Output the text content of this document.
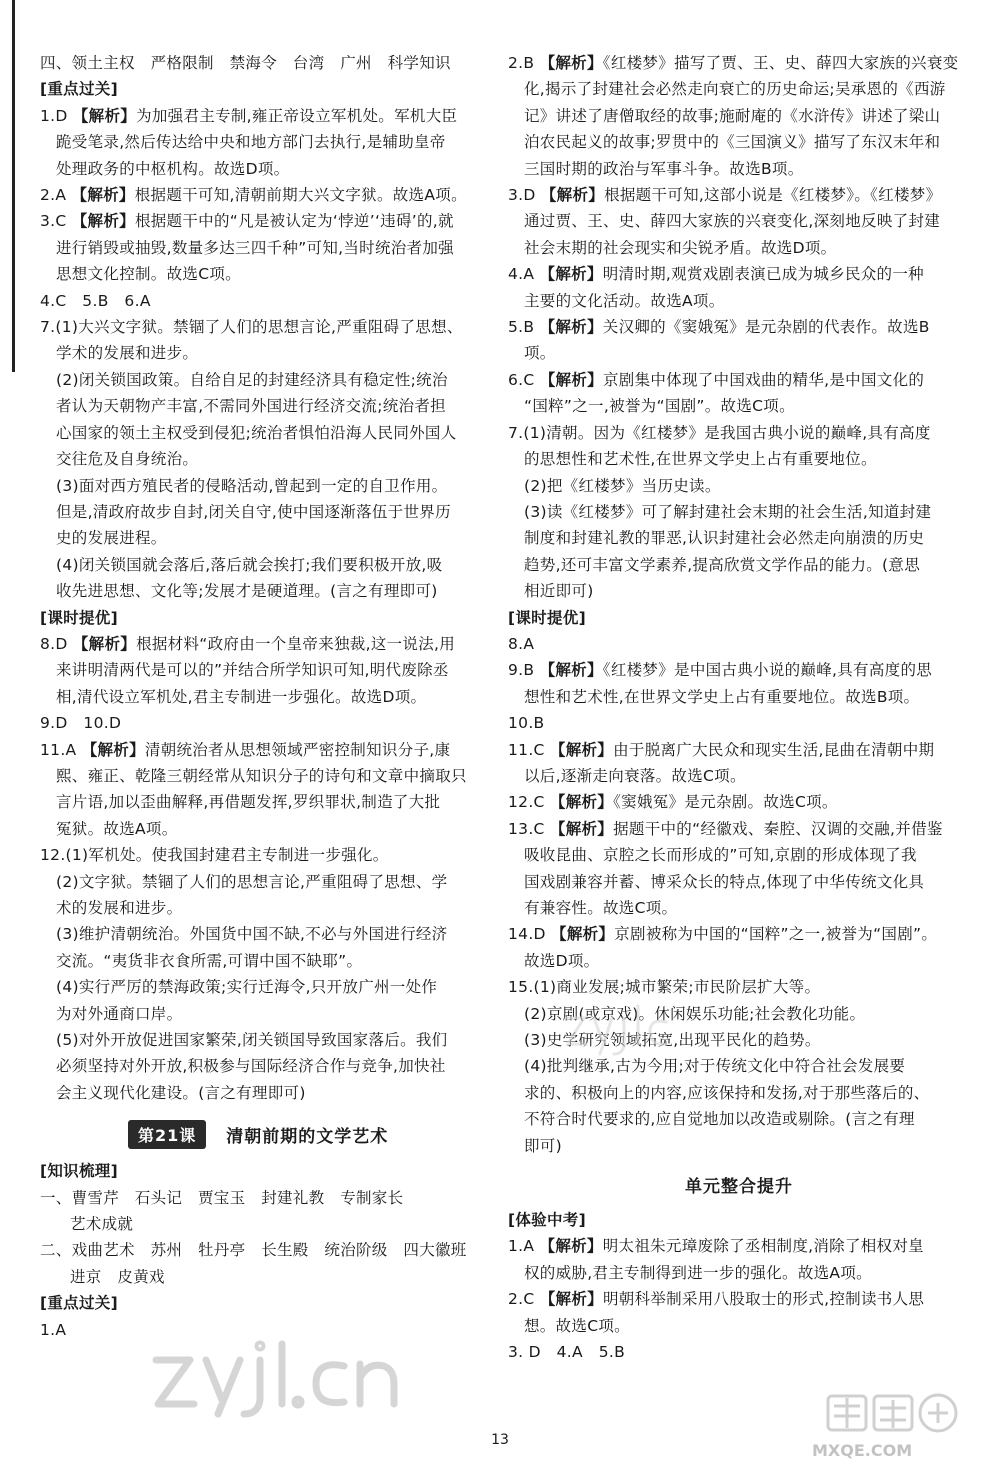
四、领土主权　严格限制　禁海令　台湾　广州　科学知识
[重点过关]
1.D 【解析】为加强君主专制,雍正帝设立军机处。军机大臣
跪受笔录,然后传达给中央和地方部门去执行,是辅助皇帝
处理政务的中枢机构。故选D项。
2.A 【解析】根据题干可知,清朝前期大兴文字狱。故选A项。
3.C 【解析】根据题干中的“凡是被认定为‘悖逆’‘违碍’的,就
进行销毁或抽毁,数量多达三四千种”可知,当时统治者加强
思想文化控制。故选C项。
4.C　5.B　6.A
7.(1)大兴文字狱。禁锢了人们的思想言论,严重阻碍了思想、
学术的发展和进步。
(2)闭关锁国政策。自给自足的封建经济具有稳定性;统治
者认为天朝物产丰富,不需同外国进行经济交流;统治者担
心国家的领土主权受到侵犯;统治者惧怕沿海人民同外国人
交往危及自身统治。
(3)面对西方殖民者的侵略活动,曾起到一定的自卫作用。
但是,清政府故步自封,闭关自守,使中国逐渐落伍于世界历
史的发展进程。
(4)闭关锁国就会落后,落后就会挨打;我们要积极开放,吸
收先进思想、文化等;发展才是硬道理。(言之有理即可)
[课时提优]
8.D 【解析】根据材料“政府由一个皇帝来独裁,这一说法,用
来讲明清两代是可以的”并结合所学知识可知,明代废除丞
相,清代设立军机处,君主专制进一步强化。故选D项。
9.D　10.D
11.A 【解析】清朝统治者从思想领域严密控制知识分子,康
熙、雍正、乾隆三朝经常从知识分子的诗句和文章中摘取只
言片语,加以歪曲解释,再借题发挥,罗织罪状,制造了大批
冤狱。故选A项。
12.(1)军机处。使我国封建君主专制进一步强化。
(2)文字狱。禁锢了人们的思想言论,严重阻碍了思想、学
术的发展和进步。
(3)维护清朝统治。外国货中国不缺,不必与外国进行经济
交流。“夷货非衣食所需,可谓中国不缺耶”。
(4)实行严厉的禁海政策;实行迁海令,只开放广州一处作
为对外通商口岸。
(5)对外开放促进国家繁荣,闭关锁国导致国家落后。我们
必须坚持对外开放,积极参与国际经济合作与竞争,加快社
会主义现代化建设。(言之有理即可)
第21课	清朝前期的文学艺术
[知识梳理]
一、曹雪芹　石头记　贾宝玉　封建礼教　专制家长
艺术成就
二、戏曲艺术　苏州　牡丹亭　长生殿　统治阶级　四大徽班
进京　皮黄戏
[重点过关]
1.A
2.B 【解析】《红楼梦》描写了贾、王、史、薛四大家族的兴衰变
化,揭示了封建社会必然走向衰亡的历史命运;吴承恩的《西游
记》讲述了唐僧取经的故事;施耐庵的《水浒传》讲述了梁山
泊农民起义的故事;罗贯中的《三国演义》描写了东汉末年和
三国时期的政治与军事斗争。故选B项。
3.D 【解析】根据题干可知,这部小说是《红楼梦》。《红楼梦》
通过贾、王、史、薛四大家族的兴衰变化,深刻地反映了封建
社会末期的社会现实和尖锐矛盾。故选D项。
4.A 【解析】明清时期,观赏戏剧表演已成为城乡民众的一种
主要的文化活动。故选A项。
5.B 【解析】关汉卿的《窦娥冤》是元杂剧的代表作。故选B
项。
6.C 【解析】京剧集中体现了中国戏曲的精华,是中国文化的
“国粹”之一,被誉为“国剧”。故选C项。
7.(1)清朝。因为《红楼梦》是我国古典小说的巅峰,具有高度
的思想性和艺术性,在世界文学史上占有重要地位。
(2)把《红楼梦》当历史读。
(3)读《红楼梦》可了解封建社会末期的社会生活,知道封建
制度和封建礼教的罪恶,认识封建社会必然走向崩溃的历史
趋势,还可丰富文学素养,提高欣赏文学作品的能力。(意思
相近即可)
[课时提优]
8.A
9.B 【解析】《红楼梦》是中国古典小说的巅峰,具有高度的思
想性和艺术性,在世界文学史上占有重要地位。故选B项。
10.B
11.C 【解析】由于脱离广大民众和现实生活,昆曲在清朝中期
以后,逐渐走向衰落。故选C项。
12.C 【解析】《窦娥冤》是元杂剧。故选C项。
13.C 【解析】据题干中的“经徽戏、秦腔、汉调的交融,并借鉴
吸收昆曲、京腔之长而形成的”可知,京剧的形成体现了我
国戏剧兼容并蓄、博采众长的特点,体现了中华传统文化具
有兼容性。故选C项。
14.D 【解析】京剧被称为中国的“国粹”之一,被誉为“国剧”。
故选D项。
15.(1)商业发展;城市繁荣;市民阶层扩大等。
(2)京剧(或京戏)。休闲娱乐功能;社会教化功能。
(3)史学研究领域拓宽,出现平民化的趋势。
(4)批判继承,古为今用;对于传统文化中符合社会发展要
求的、积极向上的内容,应该保持和发扬,对于那些落后的、
不符合时代要求的,应自觉地加以改造或剔除。(言之有理
即可)
单元整合提升
[体验中考]
1.A 【解析】明太祖朱元璋废除了丞相制度,消除了相权对皇
权的威胁,君主专制得到进一步的强化。故选A项。
2.C 【解析】明朝科举制采用八股取士的形式,控制读书人思
想。故选C项。
3. D　4.A　5.B
13
MXQE.COM
